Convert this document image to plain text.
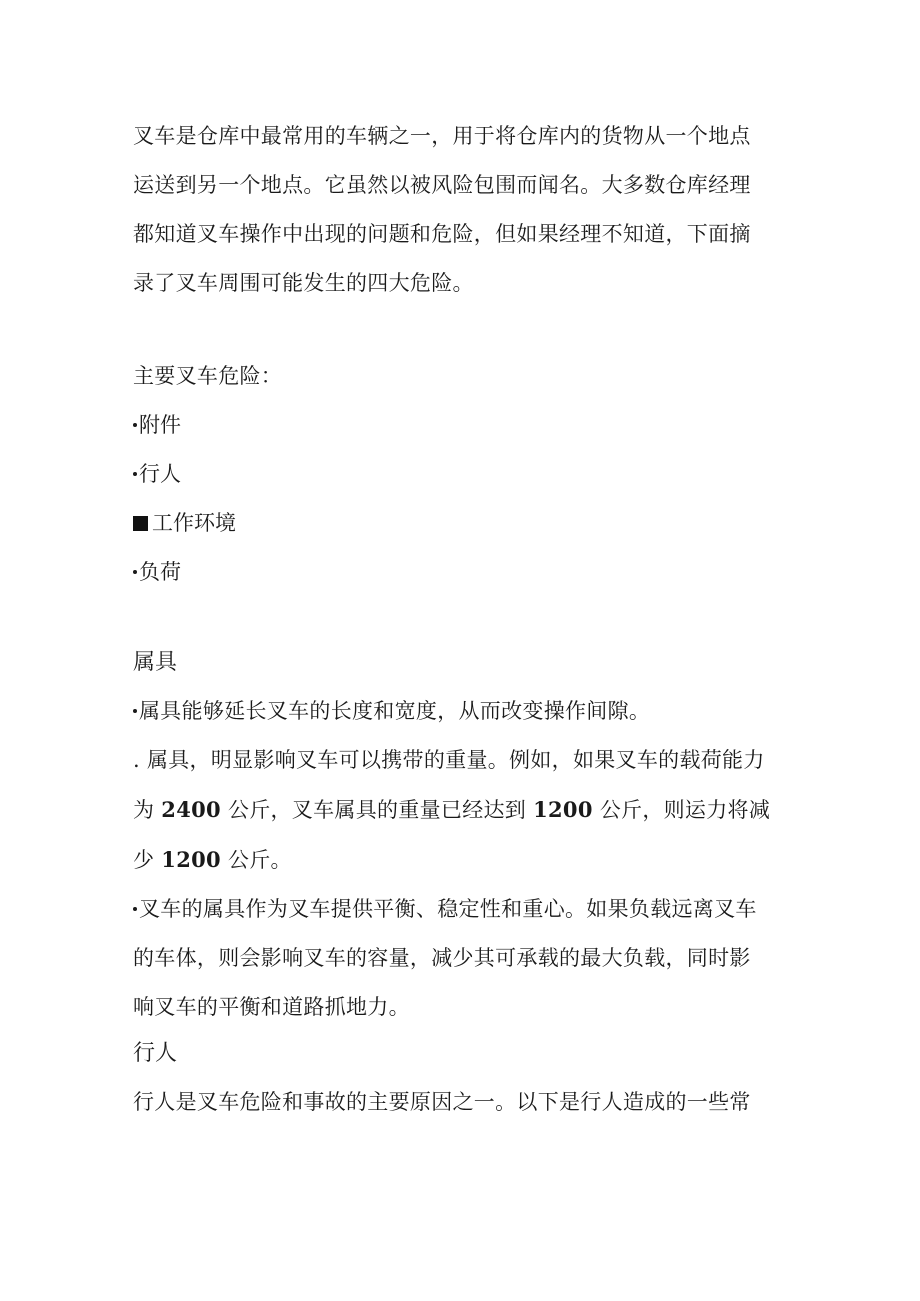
叉车是仓库中最常用的车辆之一，用于将仓库内的货物从一个地点
运送到另一个地点。它虽然以被风险包围而闻名。大多数仓库经理
都知道叉车操作中出现的问题和危险，但如果经理不知道，下面摘
录了叉车周围可能发生的四大危险。

主要叉车危险：

附件
行人
工作环境
负荷
属具

属具能够延长叉车的长度和宽度，从而改变操作间隙。

. 属具，明显影响叉车可以携带的重量。例如，如果叉车的载荷能力
为 2400 公斤，叉车属具的重量已经达到 1200 公斤，则运力将减
少 1200 公斤。

叉车的属具作为叉车提供平衡、稳定性和重心。如果负载远离叉车
的车体，则会影响叉车的容量，减少其可承载的最大负载，同时影
响叉车的平衡和道路抓地力。

行人

行人是叉车危险和事故的主要原因之一。以下是行人造成的一些常
